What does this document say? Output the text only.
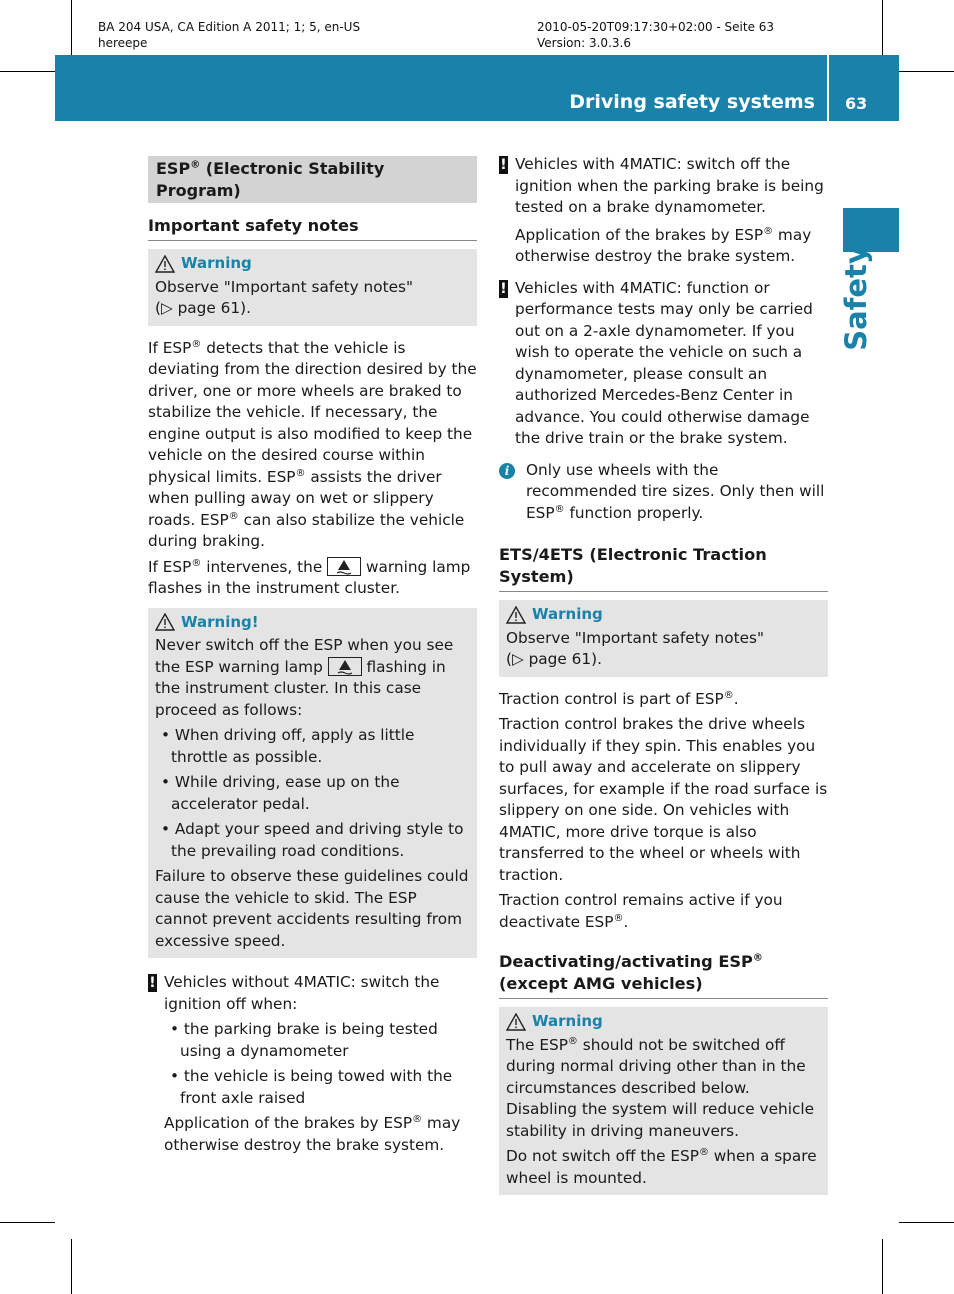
BA 204 USA, CA Edition A 2011; 1; 5, en-US
hereepe
2010-05-20T09:17:30+02:00 - Seite 63
Version: 3.0.3.6
Driving safety systems 63
Safety
ESP® (Electronic Stability Program)
Important safety notes
Warning
Observe "Important safety notes"
(▷ page 61).

If ESP® detects that the vehicle is deviating from the direction desired by the driver, one or more wheels are braked to stabilize the vehicle. If necessary, the engine output is also modified to keep the vehicle on the desired course within physical limits. ESP® assists the driver when pulling away on wet or slippery roads. ESP® can also stabilize the vehicle during braking.

If ESP® intervenes, the	warning lamp flashes in the instrument cluster.

Warning!

Never switch off the ESP when you see the ESP warning lamp	flashing in the instrument cluster. In this case proceed as follows:

• When driving off, apply as little throttle as possible.

• While driving, ease up on the accelerator pedal.

• Adapt your speed and driving style to the prevailing road conditions.

Failure to observe these guidelines could cause the vehicle to skid. The ESP cannot prevent accidents resulting from excessive speed.

! Vehicles without 4MATIC: switch the ignition off when:

• the parking brake is being tested using a dynamometer

• the vehicle is being towed with the front axle raised

Application of the brakes by ESP® may otherwise destroy the brake system.

! Vehicles with 4MATIC: switch off the ignition when the parking brake is being tested on a brake dynamometer.

Application of the brakes by ESP® may otherwise destroy the brake system.

! Vehicles with 4MATIC: function or performance tests may only be carried out on a 2-axle dynamometer. If you wish to operate the vehicle on such a dynamometer, please consult an authorized Mercedes-Benz Center in advance. You could otherwise damage the drive train or the brake system.

i	Only use wheels with the recommended tire sizes. Only then will ESP® function properly.

ETS/4ETS (Electronic Traction System)
Warning
Observe "Important safety notes"
(▷ page 61).

Traction control is part of ESP®.

Traction control brakes the drive wheels individually if they spin. This enables you to pull away and accelerate on slippery surfaces, for example if the road surface is slippery on one side. On vehicles with 4MATIC, more drive torque is also transferred to the wheel or wheels with traction.

Traction control remains active if you deactivate ESP®.

Deactivating/activating ESP® (except AMG vehicles)
Warning

The ESP® should not be switched off during normal driving other than in the circumstances described below. Disabling the system will reduce vehicle stability in driving maneuvers.

Do not switch off the ESP® when a spare wheel is mounted.
